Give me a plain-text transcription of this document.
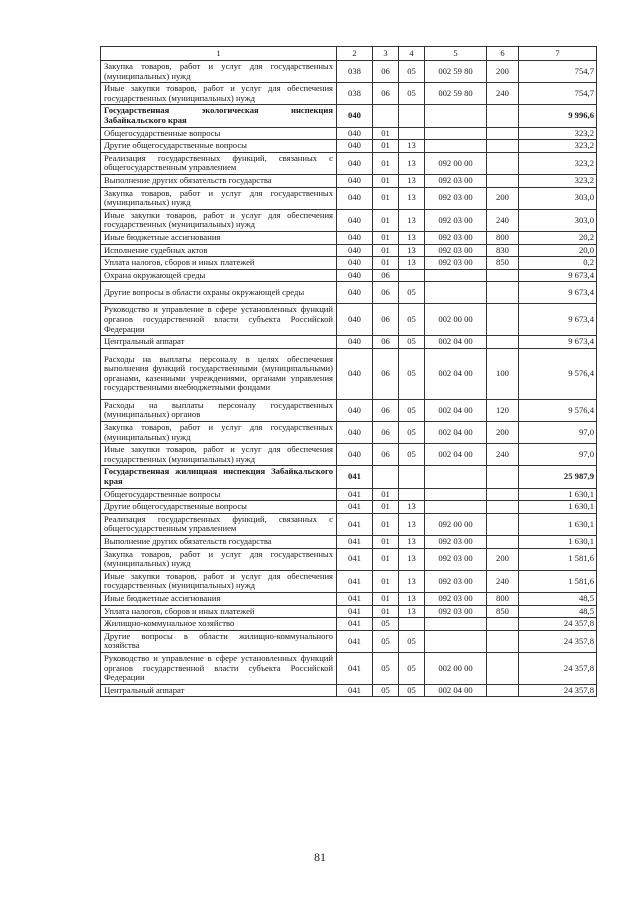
1	2	3	4	5	6	7
Закупка товаров, работ и услуг для государственных (муниципальных) нужд	038	06	05	002 59 80	200	754,7
Иные закупки товаров, работ и услуг для обеспечения государственных (муниципальных) нужд	038	06	05	002 59 80	240	754,7
Государственная экологическая инспекция Забайкальского края	040					9 996,6
Общегосударственные вопросы	040	01				323,2
Другие общегосударственные вопросы	040	01	13			323,2
Реализация государственных функций, связанных с общегосударственным управлением	040	01	13	092 00 00		323,2
Выполнение других обязательств государства	040	01	13	092 03 00		323,2
Закупка товаров, работ и услуг для государственных (муниципальных) нужд	040	01	13	092 03 00	200	303,0
Иные закупки товаров, работ и услуг для обеспечения государственных (муниципальных) нужд	040	01	13	092 03 00	240	303,0
Иные бюджетные ассигнования	040	01	13	092 03 00	800	20,2
Исполнение судебных актов	040	01	13	092 03 00	830	20,0
Уплата налогов, сборов и иных платежей	040	01	13	092 03 00	850	0,2
Охрана окружающей среды	040	06				9 673,4
Другие вопросы в области охраны окружающей среды	040	06	05			9 673,4
Руководство и управление в сфере установленных функций органов государственной власти субъекта Российской Федерации	040	06	05	002 00 00		9 673,4
Центральный аппарат	040	06	05	002 04 00		9 673,4
Расходы на выплаты персоналу в целях обеспечения выполнения функций государственными (муниципальными) органами, казенными учреждениями, органами управления государственными внебюджетными фондами	040	06	05	002 04 00	100	9 576,4
Расходы на выплаты персоналу государственных (муниципальных) органов	040	06	05	002 04 00	120	9 576,4
Закупка товаров, работ и услуг для государственных (муниципальных) нужд	040	06	05	002 04 00	200	97,0
Иные закупки товаров, работ и услуг для обеспечения государственных (муниципальных) нужд	040	06	05	002 04 00	240	97,0
Государственная жилищная инспекция Забайкальского края	041					25 987,9
Общегосударственные вопросы	041	01				1 630,1
Другие общегосударственные вопросы	041	01	13			1 630,1
Реализация государственных функций, связанных с общегосударственным управлением	041	01	13	092 00 00		1 630,1
Выполнение других обязательств государства	041	01	13	092 03 00		1 630,1
Закупка товаров, работ и услуг для государственных (муниципальных) нужд	041	01	13	092 03 00	200	1 581,6
Иные закупки товаров, работ и услуг для обеспечения государственных (муниципальных) нужд	041	01	13	092 03 00	240	1 581,6
Иные бюджетные ассигнования	041	01	13	092 03 00	800	48,5
Уплата налогов, сборов и иных платежей	041	01	13	092 03 00	850	48,5
Жилищно-коммунальное хозяйство	041	05				24 357,8
Другие вопросы в области жилищно-коммунального хозяйства	041	05	05			24 357,8
Руководство и управление в сфере установленных функций органов государственной власти субъекта Российской Федерации	041	05	05	002 00 00		24 357,8
Центральный аппарат	041	05	05	002 04 00		24 357,8
81
